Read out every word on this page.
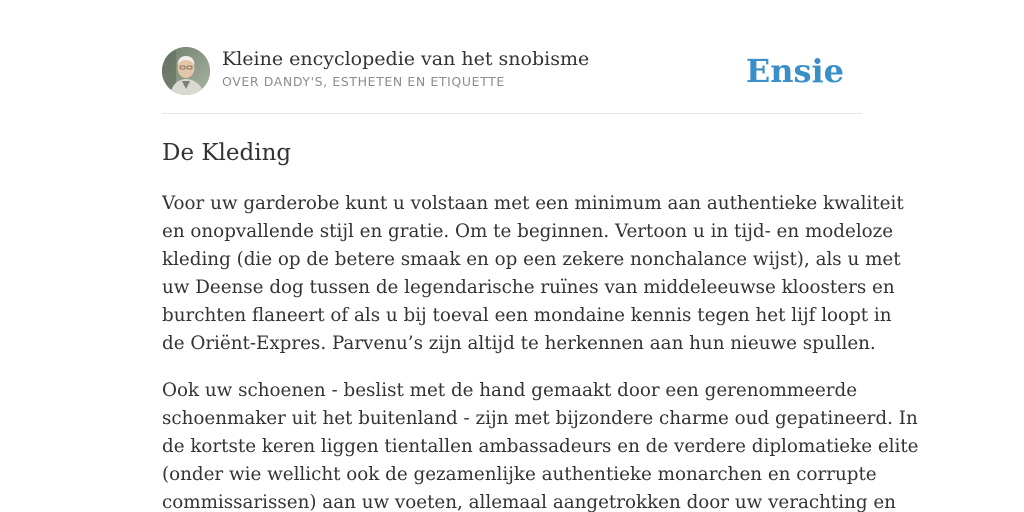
Kleine encyclopedie van het snobisme
OVER DANDY'S, ESTHETEN EN ETIQUETTE	Ensie
De Kleding

Voor uw garderobe kunt u volstaan met een minimum aan authentieke kwaliteit
en onopvallende stijl en gratie. Om te beginnen. Vertoon u in tijd- en modeloze
kleding (die op de betere smaak en op een zekere nonchalance wijst), als u met
uw Deense dog tussen de legendarische ruïnes van middeleeuwse kloosters en
burchten flaneert of als u bij toeval een mondaine kennis tegen het lijf loopt in
de Oriënt-Expres. Parvenu’s zijn altijd te herkennen aan hun nieuwe spullen.

Ook uw schoenen - beslist met de hand gemaakt door een gerenommeerde
schoenmaker uit het buitenland - zijn met bijzondere charme oud gepatineerd. In
de kortste keren liggen tientallen ambassadeurs en de verdere diplomatieke elite
(onder wie wellicht ook de gezamenlijke authentieke monarchen en corrupte
commissarissen) aan uw voeten, allemaal aangetrokken door uw verachting en
